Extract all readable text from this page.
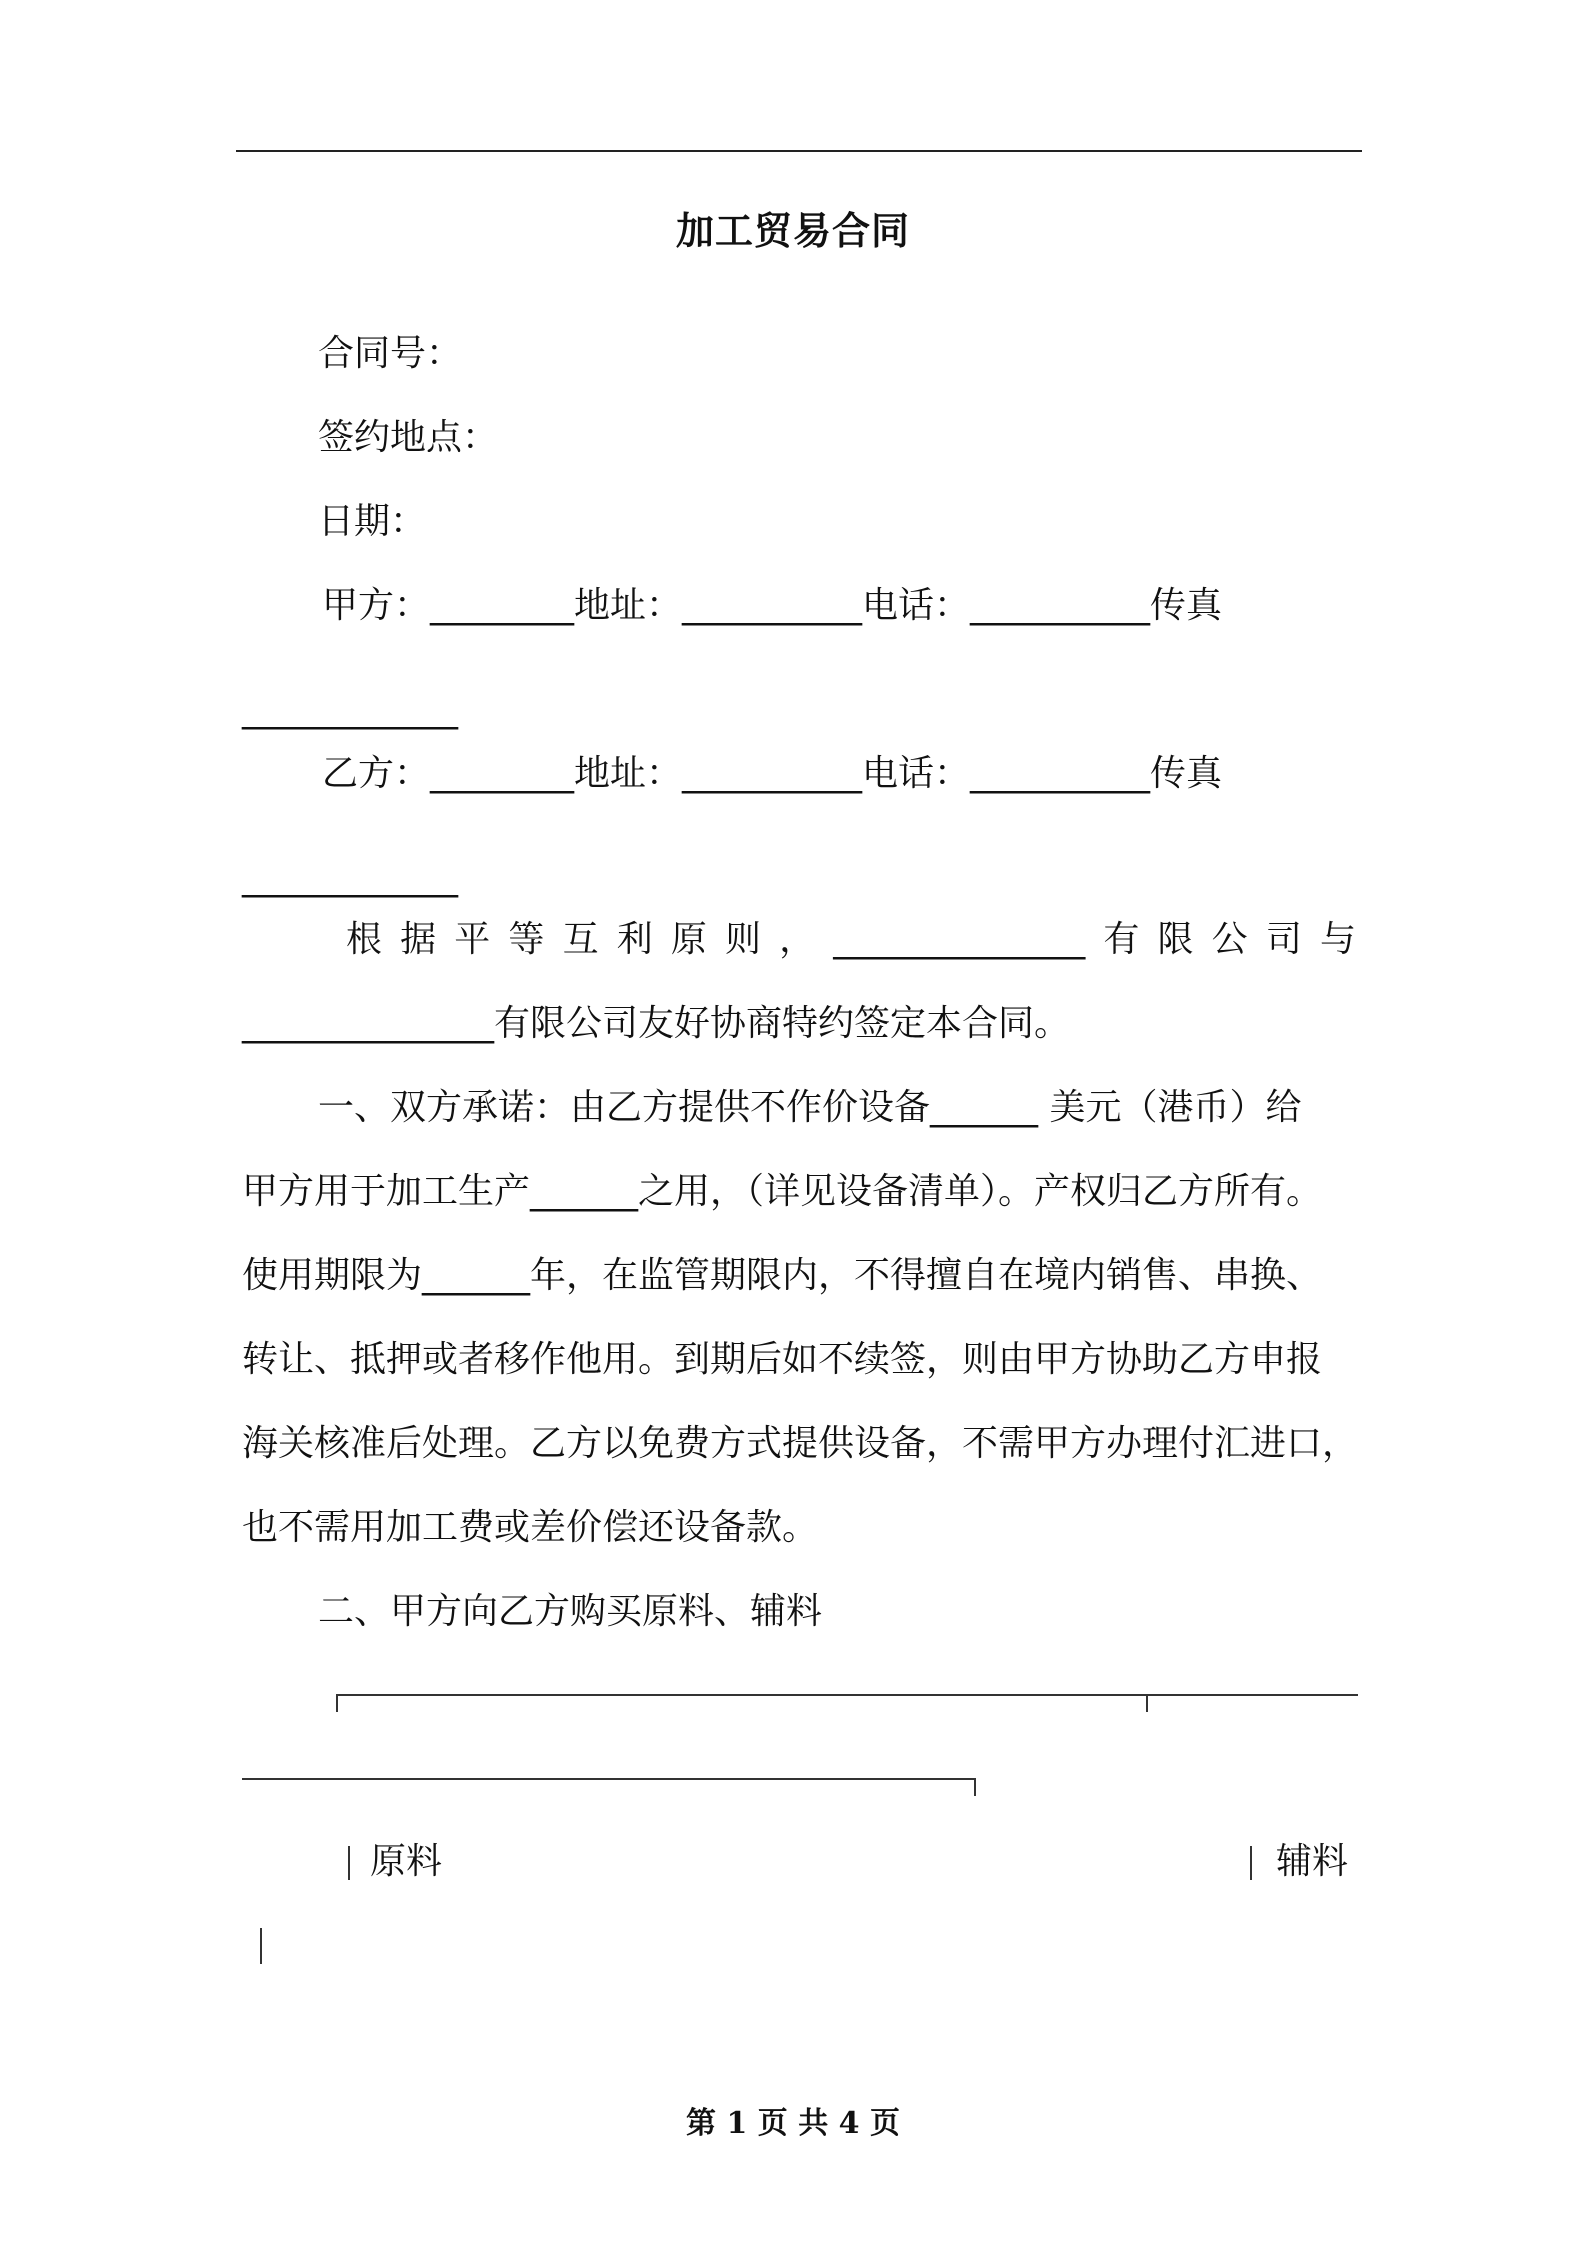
加工贸易合同
合同号：
签约地点：
日期：
甲方：________地址：__________电话：__________传真
____________
乙方：________地址：__________电话：__________传真
____________
根 据 平 等 互 利 原 则 ， ______________ 有 限 公 司 与
______________有限公司友好协商特约签定本合同。
一、双方承诺：由乙方提供不作价设备______ 美元（港币）给
甲方用于加工生产______之用，（详见设备清单）。产权归乙方所有。
使用期限为______年，在监管期限内，不得擅自在境内销售、串换、
转让、抵押或者移作他用。到期后如不续签，则由甲方协助乙方申报
海关核准后处理。乙方以免费方式提供设备，不需甲方办理付汇进口，
也不需用加工费或差价偿还设备款。
二、甲方向乙方购买原料、辅料
原料	辅料
第 1 页 共 4 页
